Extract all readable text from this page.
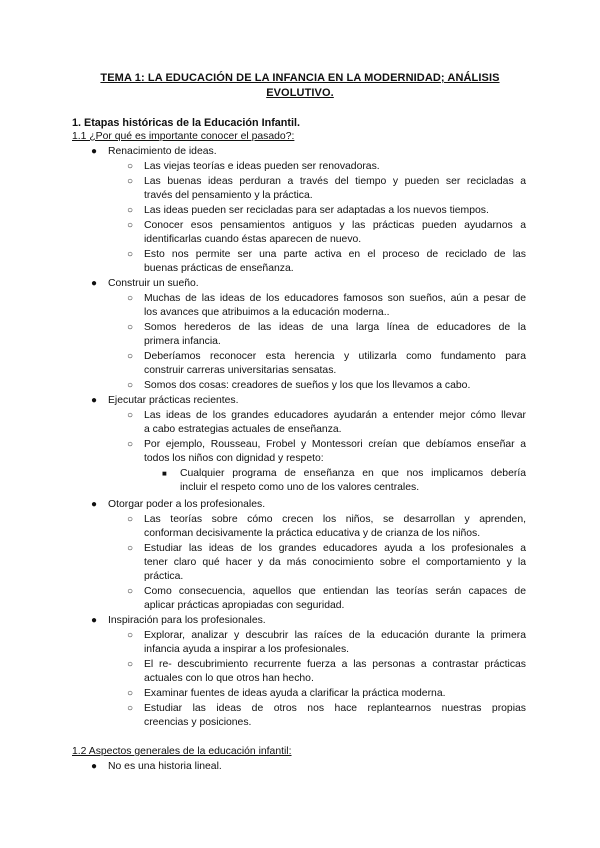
TEMA 1: LA EDUCACIÓN DE LA INFANCIA EN LA MODERNIDAD; ANÁLISIS
EVOLUTIVO.
1. Etapas históricas de la Educación Infantil.
1.1 ¿Por qué es importante conocer el pasado?:
● Renacimiento de ideas.
○ Las viejas teorías e ideas pueden ser renovadoras.
○ Las buenas ideas perduran a través del tiempo y pueden ser recicladas a
través del pensamiento y la práctica.
○ Las ideas pueden ser recicladas para ser adaptadas a los nuevos tiempos.
○ Conocer esos pensamientos antiguos y las prácticas pueden ayudarnos a
identificarlas cuando éstas aparecen de nuevo.
○ Esto nos permite ser una parte activa en el proceso de reciclado de las
buenas prácticas de enseñanza.
● Construir un sueño.
○ Muchas de las ideas de los educadores famosos son sueños, aún a pesar de
los avances que atribuimos a la educación moderna..
○ Somos herederos de las ideas de una larga línea de educadores de la
primera infancia.
○ Deberíamos reconocer esta herencia y utilizarla como fundamento para
construir carreras universitarias sensatas.
○ Somos dos cosas: creadores de sueños y los que los llevamos a cabo.
● Ejecutar prácticas recientes.
○ Las ideas de los grandes educadores ayudarán a entender mejor cómo llevar
a cabo estrategias actuales de enseñanza.
○ Por ejemplo, Rousseau, Frobel y Montessori creían que debíamos enseñar a
todos los niños con dignidad y respeto:
■ Cualquier programa de enseñanza en que nos implicamos debería
incluir el respeto como uno de los valores centrales.
● Otorgar poder a los profesionales.
○ Las teorías sobre cómo crecen los niños, se desarrollan y aprenden,
conforman decisivamente la práctica educativa y de crianza de los niños.
○ Estudiar las ideas de los grandes educadores ayuda a los profesionales a
tener claro qué hacer y da más conocimiento sobre el comportamiento y la
práctica.
○ Como consecuencia, aquellos que entiendan las teorías serán capaces de
aplicar prácticas apropiadas con seguridad.
● Inspiración para los profesionales.
○ Explorar, analizar y descubrir las raíces de la educación durante la primera
infancia ayuda a inspirar a los profesionales.
○ El re- descubrimiento recurrente fuerza a las personas a contrastar prácticas
actuales con lo que otros han hecho.
○ Examinar fuentes de ideas ayuda a clarificar la práctica moderna.
○ Estudiar las ideas de otros nos hace replantearnos nuestras propias
creencias y posiciones.
1.2 Aspectos generales de la educación infantil:
● No es una historia lineal.
